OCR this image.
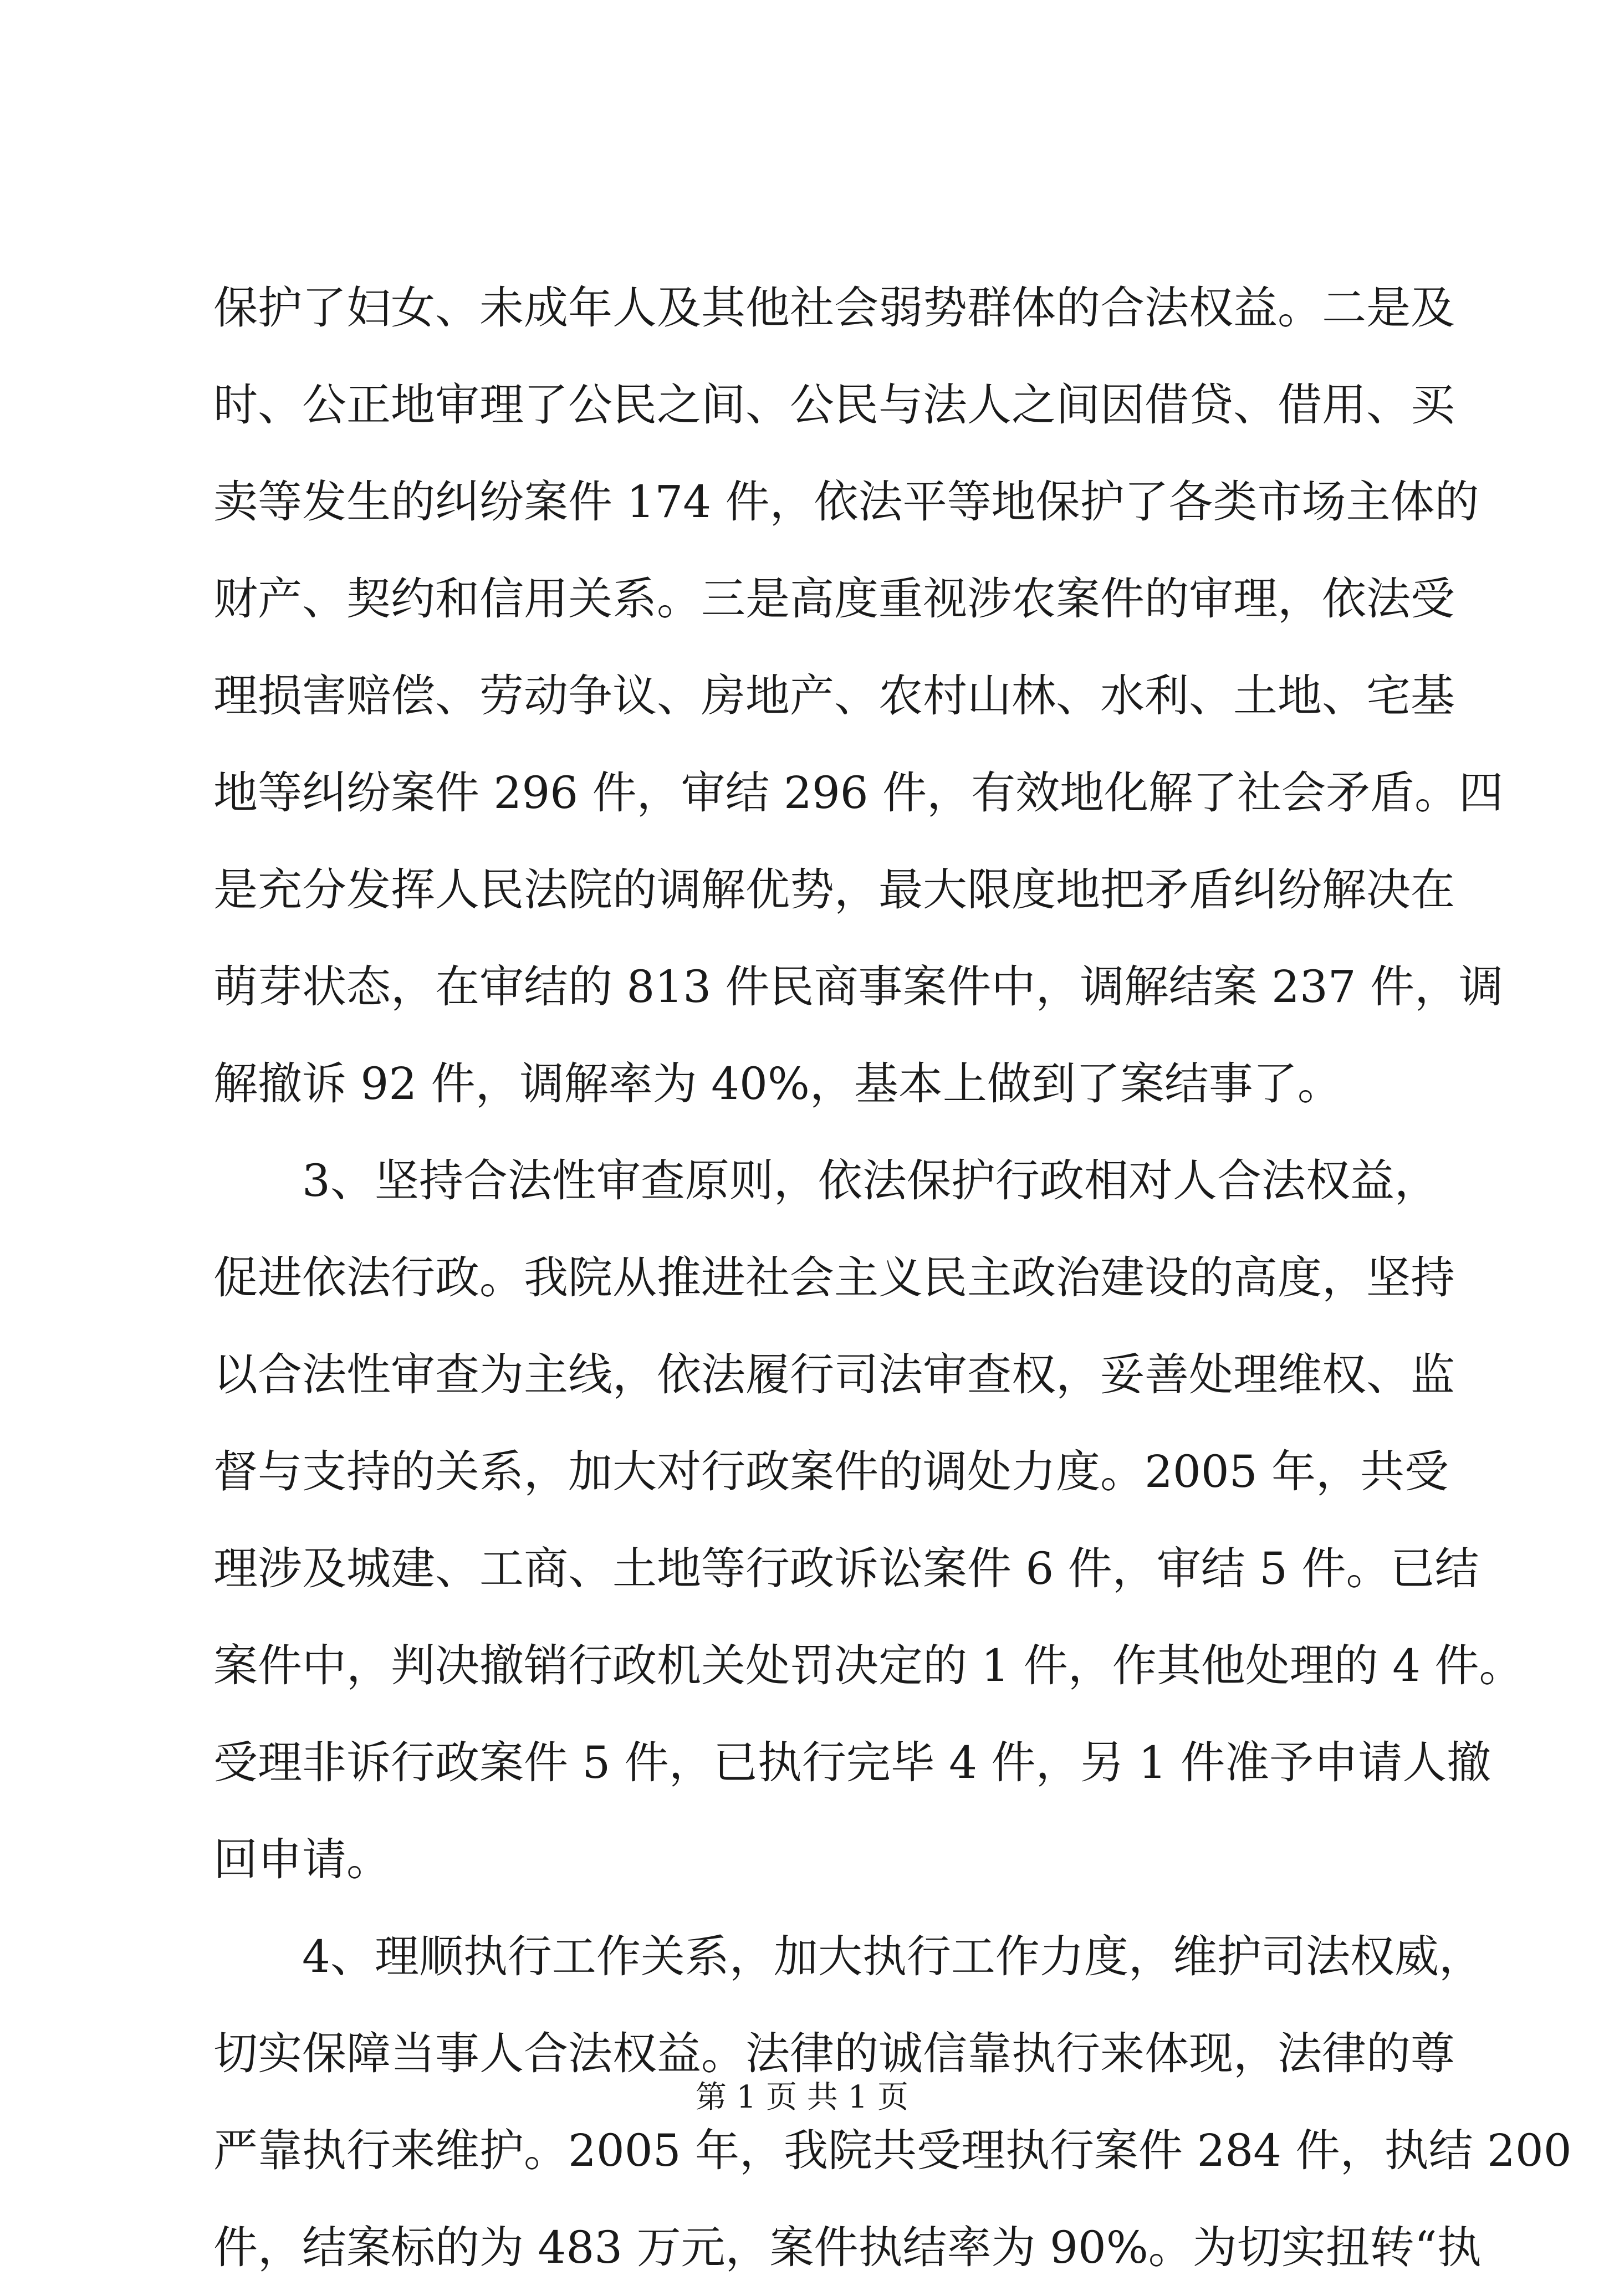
保护了妇女、未成年人及其他社会弱势群体的合法权益。二是及
时、公正地审理了公民之间、公民与法人之间因借贷、借用、买
卖等发生的纠纷案件 174 件，依法平等地保护了各类市场主体的
财产、契约和信用关系。三是高度重视涉农案件的审理，依法受
理损害赔偿、劳动争议、房地产、农村山林、水利、土地、宅基
地等纠纷案件 296 件，审结 296 件，有效地化解了社会矛盾。四
是充分发挥人民法院的调解优势，最大限度地把矛盾纠纷解决在
萌芽状态，在审结的 813 件民商事案件中，调解结案 237 件，调
解撤诉 92 件，调解率为 40%，基本上做到了案结事了。
3、坚持合法性审查原则，依法保护行政相对人合法权益，
促进依法行政。我院从推进社会主义民主政治建设的高度，坚持
以合法性审查为主线，依法履行司法审查权，妥善处理维权、监
督与支持的关系，加大对行政案件的调处力度。2005 年，共受
理涉及城建、工商、土地等行政诉讼案件 6 件，审结 5 件。已结
案件中，判决撤销行政机关处罚决定的 1 件，作其他处理的 4 件。
受理非诉行政案件 5 件，已执行完毕 4 件，另 1 件准予申请人撤
回申请。
4、理顺执行工作关系，加大执行工作力度，维护司法权威，
切实保障当事人合法权益。法律的诚信靠执行来体现，法律的尊
严靠执行来维护。2005 年，我院共受理执行案件 284 件，执结 200
件，结案标的为 483 万元，案件执结率为 90%。为切实扭转“执
第 1 页 共 1 页
